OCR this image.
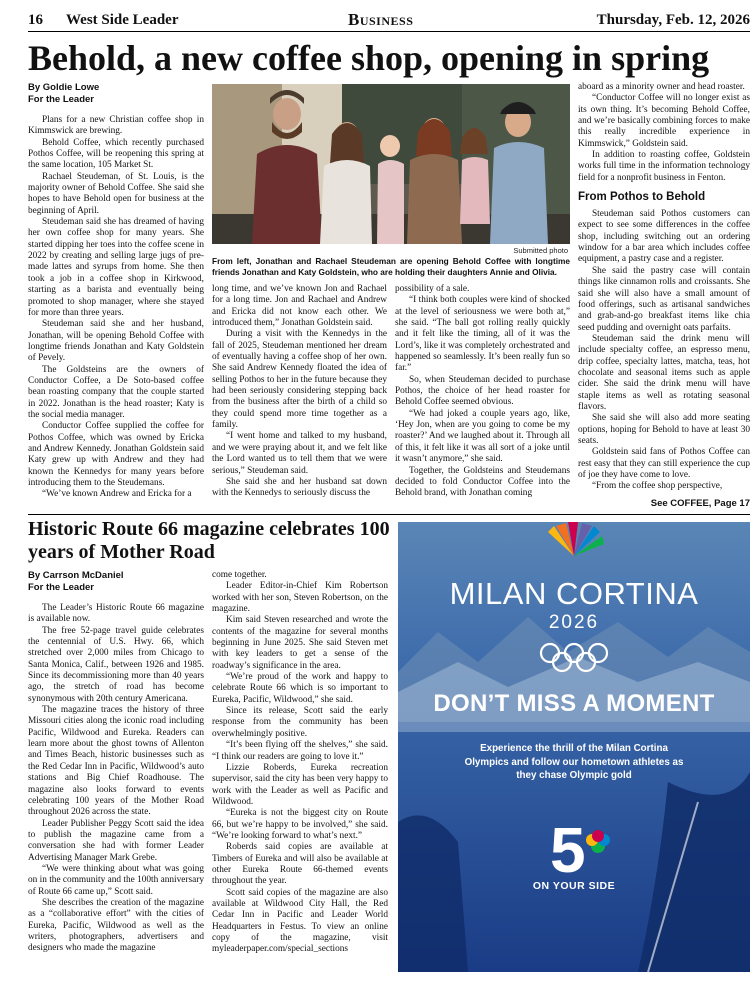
16 West Side Leader	Business	Thursday, Feb. 12, 2026
Behold, a new coffee shop, opening in spring
By Goldie Lowe
For the Leader

Plans for a new Christian coffee shop in Kimmswick are brewing.

Behold Coffee, which recently purchased Pothos Coffee, will be reopening this spring at the same location, 105 Market St.

Rachael Steudeman, of St. Louis, is the majority owner of Behold Coffee. She said she hopes to have Behold open for business at the beginning of April.

Steudeman said she has dreamed of having her own coffee shop for many years. She started dipping her toes into the coffee scene in 2022 by creating and selling large jugs of pre-made lattes and syrups from home. She then took a job in a coffee shop in Kirkwood, starting as a barista and eventually being promoted to shop manager, where she stayed for more than three years.

Steudeman said she and her husband, Jonathan, will be opening Behold Coffee with longtime friends Jonathan and Katy Goldstein of Pevely.

The Goldsteins are the owners of Conductor Coffee, a De Soto-based coffee bean roasting company that the couple started in 2022. Jonathan is the head roaster; Katy is the social media manager.

Conductor Coffee supplied the coffee for Pothos Coffee, which was owned by Ericka and Andrew Kennedy. Jonathan Goldstein said Katy grew up with Andrew and they had known the Kennedys for many years before introducing them to the Steudemans.

“We’ve known Andrew and Ericka for a

Submitted photo
From left, Jonathan and Rachael Steudeman are opening Behold Coffee with longtime friends Jonathan and Katy Goldstein, who are holding their daughters Annie and Olivia.

long time, and we’ve known Jon and Rachael for a long time. Jon and Rachael and Andrew and Ericka did not know each other. We introduced them,” Jonathan Goldstein said.

During a visit with the Kennedys in the fall of 2025, Steudeman mentioned her dream of eventually having a coffee shop of her own. She said Andrew Kennedy floated the idea of selling Pothos to her in the future because they had been seriously considering stepping back from the business after the birth of a child so they could spend more time together as a family.

“I went home and talked to my husband, and we were praying about it, and we felt like the Lord wanted us to tell them that we were serious,” Steudeman said.

She said she and her husband sat down with the Kennedys to seriously discuss the

possibility of a sale.

“I think both couples were kind of shocked at the level of seriousness we were both at,” she said. “The ball got rolling really quickly and it felt like the timing, all of it was the Lord’s, like it was completely orchestrated and happened so seamlessly. It’s been really fun so far.”

So, when Steudeman decided to purchase Pothos, the choice of her head roaster for Behold Coffee seemed obvious.

“We had joked a couple years ago, like, ‘Hey Jon, when are you going to come be my roaster?’ And we laughed about it. Through all of this, it felt like it was all sort of a joke until it wasn’t anymore,” she said.

Together, the Goldsteins and Steudemans decided to fold Conductor Coffee into the Behold brand, with Jonathan coming

aboard as a minority owner and head roaster.

“Conductor Coffee will no longer exist as its own thing. It’s becoming Behold Coffee, and we’re basically combining forces to make this really incredible experience in Kimmswick,” Goldstein said.

In addition to roasting coffee, Goldstein works full time in the information technology field for a nonprofit business in Fenton.

From Pothos to Behold

Steudeman said Pothos customers can expect to see some differences in the coffee shop, including switching out an ordering window for a bar area which includes coffee equipment, a pastry case and a register.

She said the pastry case will contain things like cinnamon rolls and croissants. She said she will also have a small amount of food offerings, such as artisanal sandwiches and grab-and-go breakfast items like chia seed pudding and overnight oats parfaits.

Steudeman said the drink menu will include specialty coffee, an espresso menu, drip coffee, specialty lattes, matcha, teas, hot chocolate and seasonal items such as apple cider. She said the drink menu will have staple items as well as rotating seasonal flavors.

She said she will also add more seating options, hoping for Behold to have at least 30 seats.

Goldstein said fans of Pothos Coffee can rest easy that they can still experience the cup of joe they have come to love.

“From the coffee shop perspective,

See COFFEE, Page 17
Historic Route 66 magazine celebrates 100 years of Mother Road
By Carrson McDaniel
For the Leader

The Leader’s Historic Route 66 magazine is available now.

The free 52-page travel guide celebrates the centennial of U.S. Hwy. 66, which stretched over 2,000 miles from Chicago to Santa Monica, Calif., between 1926 and 1985. Since its decommissioning more than 40 years ago, the stretch of road has become synonymous with 20th century Americana.

The magazine traces the history of three Missouri cities along the iconic road including Pacific, Wildwood and Eureka. Readers can learn more about the ghost towns of Allenton and Times Beach, historic businesses such as the Red Cedar Inn in Pacific, Wildwood’s auto stations and Big Chief Roadhouse. The magazine also looks forward to events celebrating 100 years of the Mother Road throughout 2026 across the state.

Leader Publisher Peggy Scott said the idea to publish the magazine came from a conversation she had with former Leader Advertising Manager Mark Grebe.

“We were thinking about what was going on in the community and the 100th anniversary of Route 66 came up,” Scott said.

She describes the creation of the magazine as a “collaborative effort” with the cities of Eureka, Pacific, Wildwood as well as the writers, photographers, advertisers and designers who made the magazine

come together.

Leader Editor-in-Chief Kim Robertson worked with her son, Steven Robertson, on the magazine.

Kim said Steven researched and wrote the contents of the magazine for several months beginning in June 2025. She said Steven met with key leaders to get a sense of the roadway’s significance in the area.

“We’re proud of the work and happy to celebrate Route 66 which is so important to Eureka, Pacific, Wildwood,” she said.

Since its release, Scott said the early response from the community has been overwhelmingly positive.

“It’s been flying off the shelves,” she said. “I think our readers are going to love it.”

Lizzie Roberds, Eureka recreation supervisor, said the city has been very happy to work with the Leader as well as Pacific and Wildwood.

“Eureka is not the biggest city on Route 66, but we’re happy to be involved,” she said. “We’re looking forward to what’s next.”

Roberds said copies are available at Timbers of Eureka and will also be available at other Eureka Route 66-themed events throughout the year.

Scott said copies of the magazine are also available at Wildwood City Hall, the Red Cedar Inn in Pacific and Leader World Headquarters in Festus. To view an online copy of the magazine, visit myleaderpaper.com/special_sections

5
MILAN CORTINA
2026
DON’T MISS A MOMENT
Experience the thrill of the Milan Cortina Olympics and follow our hometown athletes as they chase Olympic gold
ON YOUR SIDE
